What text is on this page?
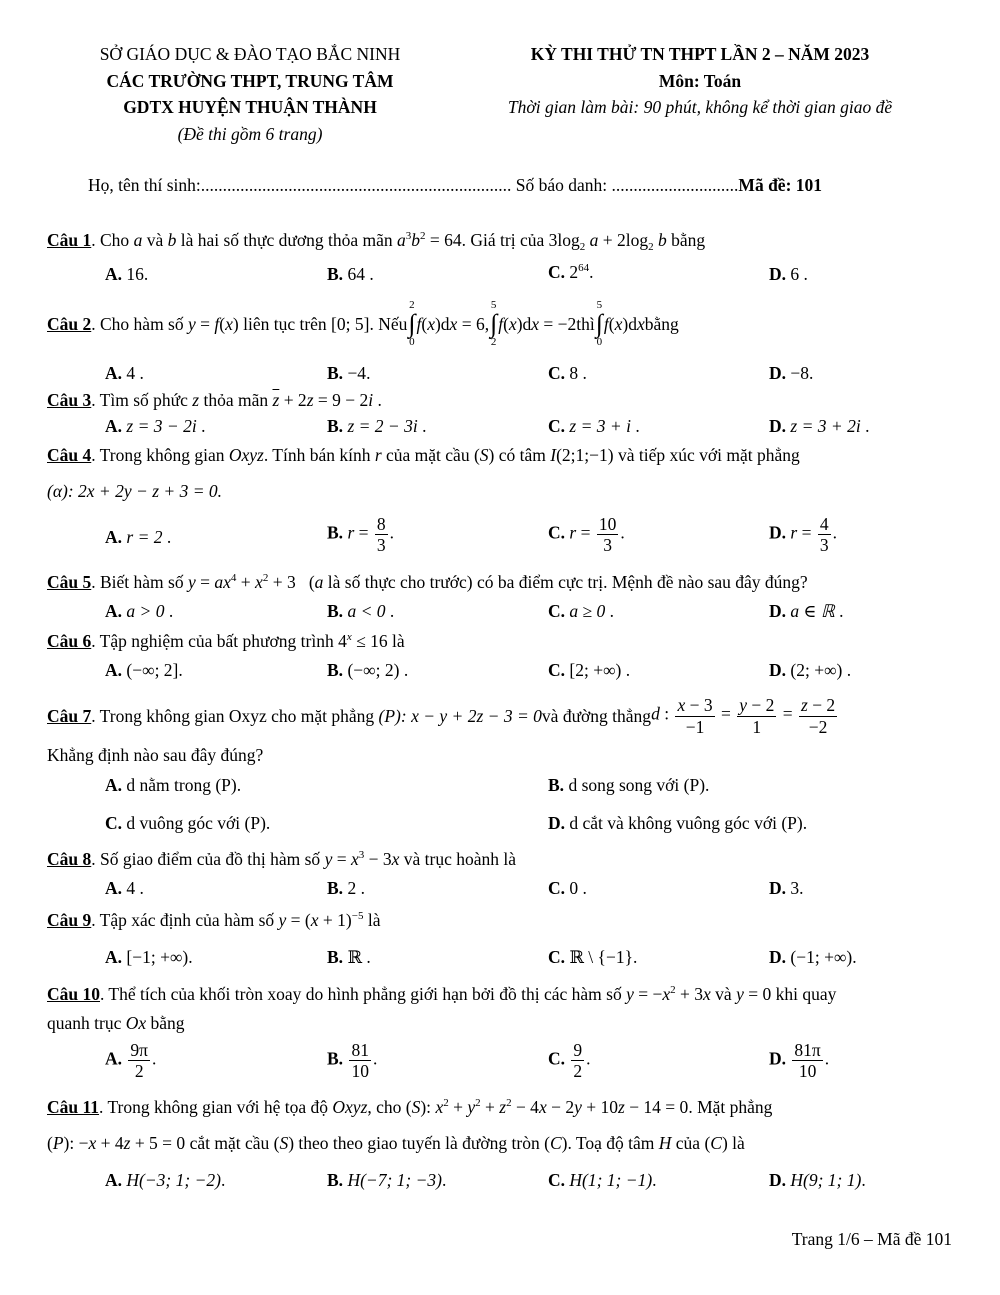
SỞ GIÁO DỤC & ĐÀO TẠO BẮC NINH
CÁC TRƯỜNG THPT, TRUNG TÂM
GDTX HUYỆN THUẬN THÀNH
(Đề thi gồm 6 trang)
KỲ THI THỬ TN THPT LẦN 2 – NĂM 2023
Môn: Toán
Thời gian làm bài: 90 phút, không kể thời gian giao đề
Họ, tên thí sinh:....................................................................... Số báo danh: .............................Mã đề: 101
Câu 1. Cho a và b là hai số thực dương thỏa mãn $a^3b^2 = 64$. Giá trị của $3\log_2$ $a + 2\log_2$ b bằng
A. 16.	B. 64 .	C. $2^{64}$.	D. 6 .
Câu 2 . Cho hàm số y = f(x) liên tục trên [0; 5] . Nếu
2
∫
0
f(x)dx = 6,
5
∫
2
f(x)dx = −2 thì
5
∫
0
f(x)dx bằng
A. 4 .	B. −4.	C. 8 .	D. −8.
Câu 3. Tìm số phức z thỏa mãn $\overline{z} + 2z = 9 - 2i$ .
A. z = 3 − 2i .	B. z = 2 − 3i .	C. z = 3 + i .	D. z = 3 + 2i .
Câu 4. Trong không gian Oxyz. Tính bán kính r của mặt cầu (S) có tâm I(2;1;−1) và tiếp xúc với mặt phẳng
(α): 2x + 2y − z + 3 = 0.
A. r = 2 .	B. $r = \frac{8}{3}$ .	C. $r = \frac{10}{3}$ .	D. $r = \frac{4}{3}$ .
Câu 5. Biết hàm số $y = ax^4 + x^2 + 3$   (a là số thực cho trước) có ba điểm cực trị. Mệnh đề nào sau đây đúng?
A. a > 0 .	B. a < 0 .	C. a ≥ 0 .	D. a ∈ ℝ .
Câu 6. Tập nghiệm của bất phương trình $4^x \le 16$ là
A. (−∞; 2].	B. (−∞; 2) .	C. [2; +∞) .	D. (2; +∞) .
Câu 7 . Trong không gian Oxyz cho mặt phẳng
(P): x − y + 2z − 3 = 0 và đường thẳng d : $\frac{x - 3}{-1} = \frac{y - 2}{1} = \frac{z - 2}{-2}$
Khẳng định nào sau đây đúng?
A. d nằm trong (P).	B. d song song với (P).
C. d vuông góc với (P).	D. d cắt và không vuông góc với (P).
Câu 8. Số giao điểm của đồ thị hàm số $y = x^3 - 3x$ và trục hoành là
A. 4 .	B. 2 .	C. 0 .	D. 3.
Câu 9. Tập xác định của hàm số $y = (x + 1)^{-5}$ là
A. [−1; +∞).	B. ℝ .	C. ℝ \ {−1}.	D. (−1; +∞).
Câu 10. Thể tích của khối tròn xoay do hình phẳng giới hạn bởi đồ thị các hàm số $y = -x^2 + 3x$ và y = 0 khi quay
quanh trục Ox bằng
A. $\frac{9\pi}{2}$ .	B. $\frac{81}{10}$ .	C. $\frac{9}{2}$ .	D. $\frac{81\pi}{10}$ .
Câu 11. Trong không gian với hệ tọa độ Oxyz, cho (S): $x^2 + y^2 + z^2 - 4x - 2y + 10z - 14 = 0$. Mặt phẳng
(P): −x + 4z + 5 = 0 cắt mặt cầu (S) theo theo giao tuyến là đường tròn (C). Toạ độ tâm H của (C) là
A. H(−3; 1; −2).	B. H(−7; 1; −3).	C. H(1; 1; −1).	D. H(9; 1; 1).
Trang 1/6 – Mã đề 101
